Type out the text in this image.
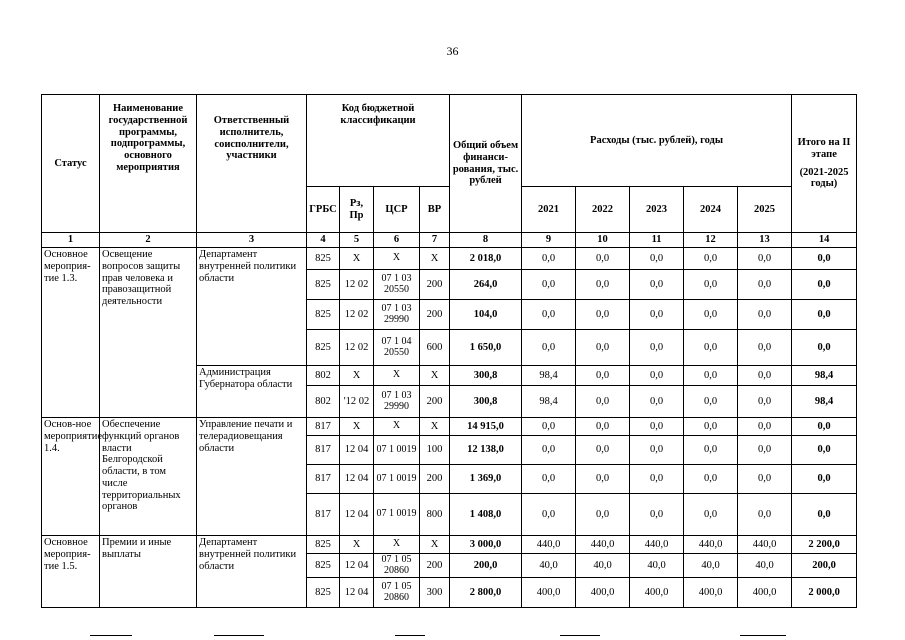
36
Статус	Наименование государственной программы, подпрограммы, основного мероприятия	Ответственный исполнитель, соисполнители, участники	Код бюджетной классификации				Общий объем финанси-рования, тыс. рублей	Расходы (тыс. рублей), годы					Итого на II этапе
(2021-2025 годы)

			ГРБС	Рз, Пр	ЦСР	ВР		2021	2022	2023	2024	2025	
1	2	3	4	5	6	7	8	9	10	11	12	13	14
Основное мероприя-тие 1.3.	Освещение вопросов защиты прав человека и правозащитной деятельности	Департамент внутренней политики области	825	Х	Х	Х	2 018,0	0,0	0,0	0,0	0,0	0,0	0,0
			825	12 02	07 1 03 20550	200	264,0	0,0	0,0	0,0	0,0	0,0	0,0
			825	12 02	07 1 03 29990	200	104,0	0,0	0,0	0,0	0,0	0,0	0,0
			825	12 02	07 1 04 20550	600	1 650,0	0,0	0,0	0,0	0,0	0,0	0,0
		Администрация Губернатора области	802	Х	Х	Х	300,8	98,4	0,0	0,0	0,0	0,0	98,4
			802	'12 02	07 1 03 29990	200	300,8	98,4	0,0	0,0	0,0	0,0	98,4
Основ-ное мероприятие 1.4.	Обеспечение функций органов власти Белгородской области, в том числе территориальных органов	Управление печати и телерадиовещания области	817	Х	Х	Х	14 915,0	0,0	0,0	0,0	0,0	0,0	0,0
			817	12 04	07 1 0019	100	12 138,0	0,0	0,0	0,0	0,0	0,0	0,0
			817	12 04	07 1 0019	200	1 369,0	0,0	0,0	0,0	0,0	0,0	0,0
			817	12 04	07 1 0019	800	1 408,0	0,0	0,0	0,0	0,0	0,0	0,0
Основное мероприя-тие 1.5.	Премии и иные выплаты	Департамент внутренней политики области	825	Х	Х	Х	3 000,0	440,0	440,0	440,0	440,0	440,0	2 200,0
			825	12 04	07 1 05 20860	200	200,0	40,0	40,0	40,0	40,0	40,0	200,0
			825	12 04	07 1 05 20860	300	2 800,0	400,0	400,0	400,0	400,0	400,0	2 000,0
